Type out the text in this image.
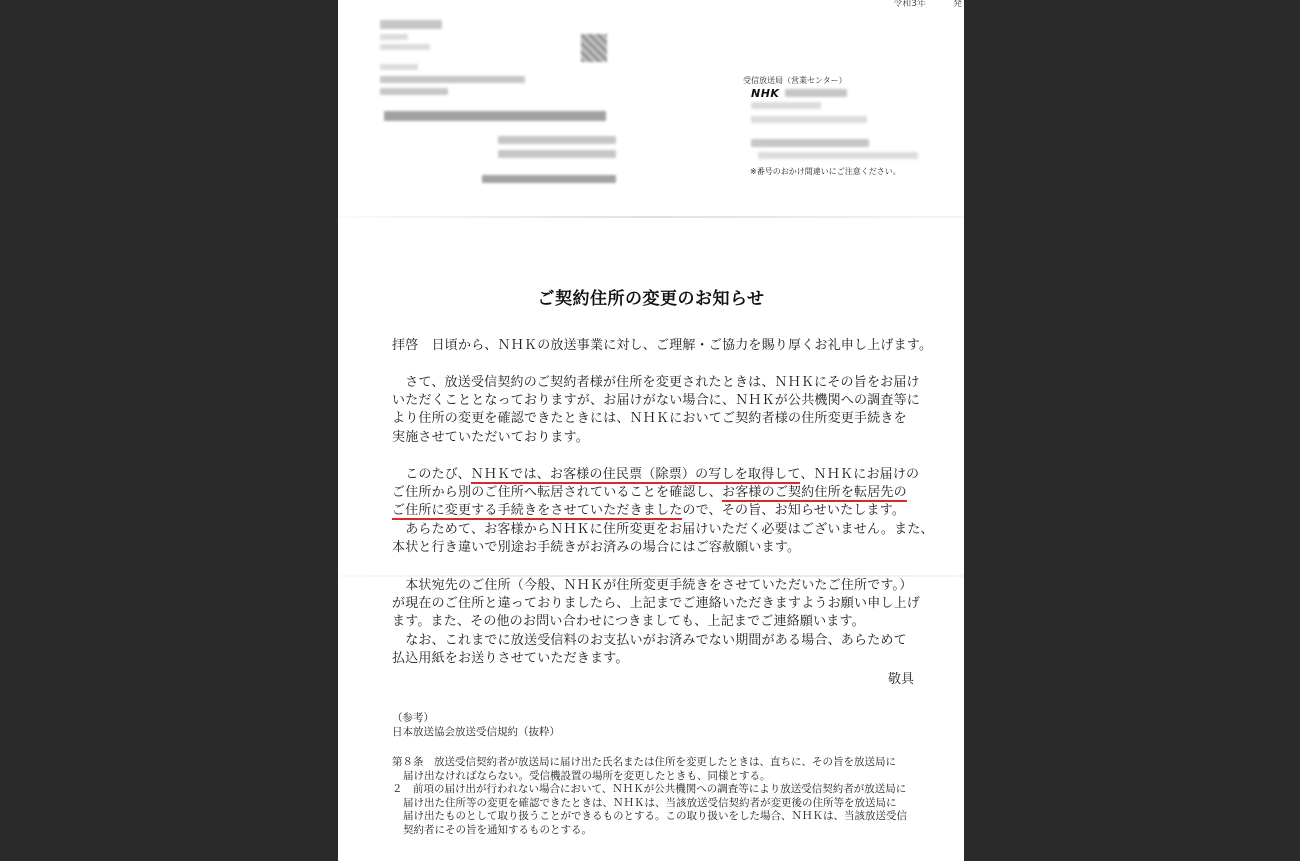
令和3年　　　発
受信放送局（営業センター）
NHK
※番号のおかけ間違いにご注意ください。
ご契約住所の変更のお知らせ
拝啓　日頃から、ＮＨＫの放送事業に対し、ご理解・ご協力を賜り厚くお礼申し上げます。
　さて、放送受信契約のご契約者様が住所を変更されたときは、ＮＨＫにその旨をお届け
いただくこととなっておりますが、お届けがない場合に、ＮＨＫが公共機関への調査等に
より住所の変更を確認できたときには、ＮＨＫにおいてご契約者様の住所変更手続きを
実施させていただいております。
　このたび、ＮＨＫでは、お客様の住民票（除票）の写しを取得して、ＮＨＫにお届けの
ご住所から別のご住所へ転居されていることを確認し、お客様のご契約住所を転居先の
ご住所に変更する手続きをさせていただきましたので、その旨、お知らせいたします。
　あらためて、お客様からＮＨＫに住所変更をお届けいただく必要はございません。また、
本状と行き違いで別途お手続きがお済みの場合にはご容赦願います。
　本状宛先のご住所（今般、ＮＨＫが住所変更手続きをさせていただいたご住所です。）
が現在のご住所と違っておりましたら、上記までご連絡いただきますようお願い申し上げ
ます。また、その他のお問い合わせにつきましても、上記までご連絡願います。
　なお、これまでに放送受信料のお支払いがお済みでない期間がある場合、あらためて
払込用紙をお送りさせていただきます。
敬具
（参考）
日本放送協会放送受信規約（抜粋）
第８条　放送受信契約者が放送局に届け出た氏名または住所を変更したときは、直ちに、その旨を放送局に
届け出なければならない。受信機設置の場所を変更したときも、同様とする。
２　前項の届け出が行われない場合において、ＮＨＫが公共機関への調査等により放送受信契約者が放送局に
届け出た住所等の変更を確認できたときは、ＮＨＫは、当該放送受信契約者が変更後の住所等を放送局に
届け出たものとして取り扱うことができるものとする。この取り扱いをした場合、ＮＨＫは、当該放送受信
契約者にその旨を通知するものとする。
